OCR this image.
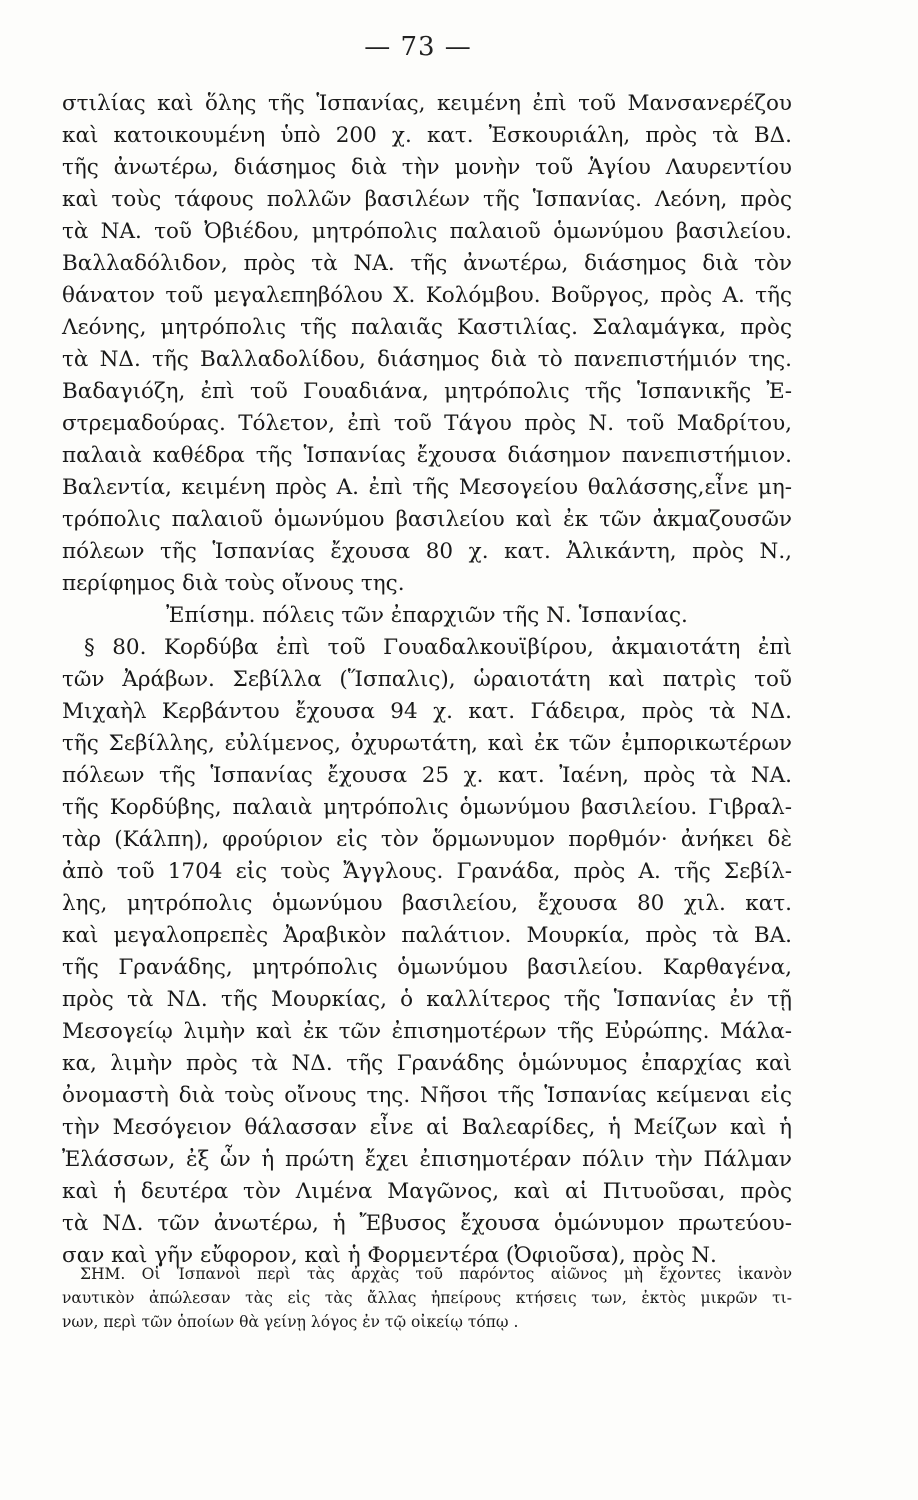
— 73 —
στιλίας καὶ ὅλης τῆς Ἱσπανίας, κειμένη ἐπὶ τοῦ Μανσανερέζου
καὶ κατοικουμένη ὑπὸ 200 χ. κατ. Ἐσκουριάλη, πρὸς τὰ ΒΔ.
τῆς ἀνωτέρω, διάσημος διὰ τὴν μονὴν τοῦ Ἁγίου Λαυρεντίου
καὶ τοὺς τάφους πολλῶν βασιλέων τῆς Ἱσπανίας. Λεόνη, πρὸς
τὰ ΝΑ. τοῦ Ὀβιέδου, μητρόπολις παλαιοῦ ὁμωνύμου βασιλείου.
Βαλλαδόλιδον, πρὸς τὰ ΝΑ. τῆς ἀνωτέρω, διάσημος διὰ τὸν
θάνατον τοῦ μεγαλεπηβόλου Χ. Κολόμβου. Βοῦργος, πρὸς Α. τῆς
Λεόνης, μητρόπολις τῆς παλαιᾶς Καστιλίας. Σαλαμάγκα, πρὸς
τὰ ΝΔ. τῆς Βαλλαδολίδου, διάσημος διὰ τὸ πανεπιστήμιόν της.
Βαδαγιόζη, ἐπὶ τοῦ Γουαδιάνα, μητρόπολις τῆς Ἱσπανικῆς Ἐ-
στρεμαδούρας. Τόλετον, ἐπὶ τοῦ Τάγου πρὸς Ν. τοῦ Μαδρίτου,
παλαιὰ καθέδρα τῆς Ἱσπανίας ἔχουσα διάσημον πανεπιστήμιον.
Βαλεντία, κειμένη πρὸς Α. ἐπὶ τῆς Μεσογείου θαλάσσης,εἶνε μη-
τρόπολις παλαιοῦ ὁμωνύμου βασιλείου καὶ ἐκ τῶν ἀκμαζουσῶν
πόλεων τῆς Ἱσπανίας ἔχουσα 80 χ. κατ. Ἀλικάντη, πρὸς Ν.,
περίφημος διὰ τοὺς οἴνους της.
Ἐπίσημ. πόλεις τῶν ἐπαρχιῶν τῆς Ν. Ἱσπανίας.
§ 80. Κορδύβα ἐπὶ τοῦ Γουαδαλκουϊβίρου, ἀκμαιοτάτη ἐπὶ
τῶν Ἀράβων. Σεβίλλα (Ἵσπαλις), ὡραιοτάτη καὶ πατρὶς τοῦ
Μιχαὴλ Κερβάντου ἔχουσα 94 χ. κατ. Γάδειρα, πρὸς τὰ ΝΔ.
τῆς Σεβίλλης, εὐλίμενος, ὀχυρωτάτη, καὶ ἐκ τῶν ἐμπορικωτέρων
πόλεων τῆς Ἱσπανίας ἔχουσα 25 χ. κατ. Ἰαένη, πρὸς τὰ ΝΑ.
τῆς Κορδύβης, παλαιὰ μητρόπολις ὁμωνύμου βασιλείου. Γιβραλ-
τὰρ (Κάλπη), φρούριον εἰς τὸν ὅρμωνυμον πορθμόν· ἀνήκει δὲ
ἀπὸ τοῦ 1704 εἰς τοὺς Ἄγγλους. Γρανάδα, πρὸς Α. τῆς Σεβίλ-
λης, μητρόπολις ὁμωνύμου βασιλείου, ἔχουσα 80 χιλ. κατ.
καὶ μεγαλοπρεπὲς Ἀραβικὸν παλάτιον. Μουρκία, πρὸς τὰ ΒΑ.
τῆς Γρανάδης, μητρόπολις ὁμωνύμου βασιλείου. Καρθαγένα,
πρὸς τὰ ΝΔ. τῆς Μουρκίας, ὁ καλλίτερος τῆς Ἱσπανίας ἐν τῇ
Μεσογείῳ λιμὴν καὶ ἐκ τῶν ἐπισημοτέρων τῆς Εὐρώπης. Μάλα-
κα, λιμὴν πρὸς τὰ ΝΔ. τῆς Γρανάδης ὁμώνυμος ἐπαρχίας καὶ
ὀνομαστὴ διὰ τοὺς οἴνους της. Νῆσοι τῆς Ἱσπανίας κείμεναι εἰς
τὴν Μεσόγειον θάλασσαν εἶνε αἱ Βαλεαρίδες, ἡ Μείζων καὶ ἡ
Ἐλάσσων, ἐξ ὧν ἡ πρώτη ἔχει ἐπισημοτέραν πόλιν τὴν Πάλμαν
καὶ ἡ δευτέρα τὸν Λιμένα Μαγῶνος, καὶ αἱ Πιτυοῦσαι, πρὸς
τὰ ΝΔ. τῶν ἀνωτέρω, ἡ Ἔβυσος ἔχουσα ὁμώνυμον πρωτεύου-
σαν καὶ γῆν εὔφορον, καὶ ἡ Φορμεντέρα (Ὀφιοῦσα), πρὸς Ν.
ΣΗΜ. Οἱ Ἱσπανοὶ περὶ τὰς ἀρχὰς τοῦ παρόντος αἰῶνος μὴ ἔχοντες ἱκανὸν
ναυτικὸν ἀπώλεσαν τὰς εἰς τὰς ἄλλας ἠπείρους κτήσεις των, ἐκτὸς μικρῶν τι-
νων, περὶ τῶν ὁποίων θὰ γείνῃ λόγος ἐν τῷ οἰκείῳ τόπῳ .
